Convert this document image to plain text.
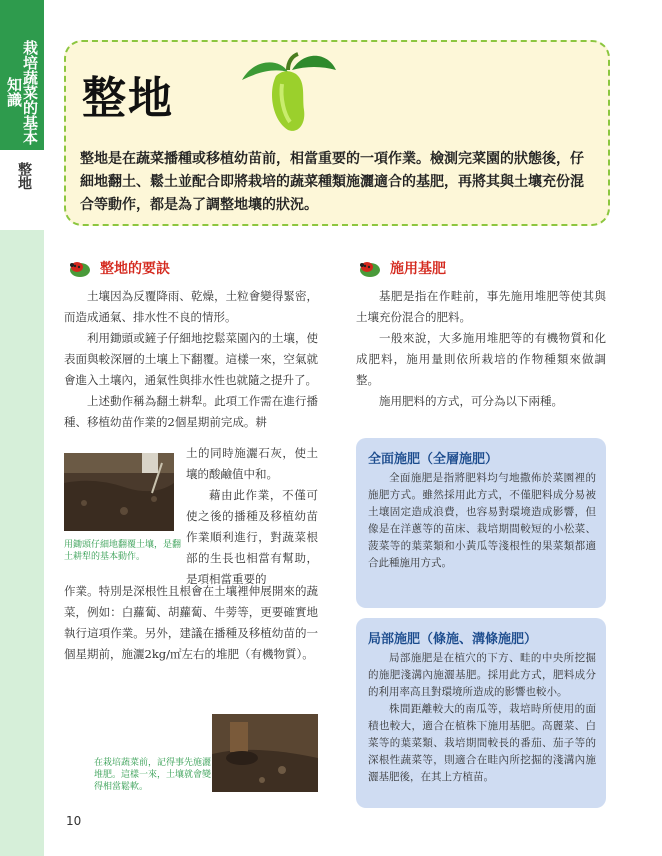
栽培蔬菜的基本知識
整地
整地
整地是在蔬菜播種或移植幼苗前，相當重要的一項作業。檢測完菜園的狀態後，仔細地翻土、鬆土並配合即將栽培的蔬菜種類施灑適合的基肥，再將其與土壤充份混合等動作，都是為了調整地壤的狀況。
整地的要訣

土壤因為反覆降雨、乾燥，土粒會變得緊密，而造成通氣、排水性不良的情形。

利用鋤頭或鏟子仔細地挖鬆菜園內的土壤，使表面與較深層的土壤上下翻覆。這樣一來，空氣就會進入土壤內，通氣性與排水性也就隨之提升了。

上述動作稱為翻土耕犁。此項工作需在進行播種、移植幼苗作業的2個星期前完成。耕

用鋤頭仔細地翻覆土壤，是翻土耕犁的基本動作。

土的同時施灑石灰，使土壤的酸鹼值中和。

藉由此作業，不僅可使之後的播種及移植幼苗作業順利進行，對蔬菜根部的生長也相當有幫助，是項相當重要的

作業。特別是深根性且根會在土壤裡伸展開來的蔬菜，例如：白蘿蔔、胡蘿蔔、牛蒡等，更要確實地執行這項作業。另外，建議在播種及移植幼苗的一個星期前，施灑2kg/㎡左右的堆肥（有機物質）。

在栽培蔬菜前，記得事先施灑堆肥。這樣一來，土壤就會變得相當鬆軟。
施用基肥

基肥是指在作畦前，事先施用堆肥等使其與土壤充份混合的肥料。

一般來說，大多施用堆肥等的有機物質和化成肥料，施用量則依所栽培的作物種類來做調整。

施用肥料的方式，可分為以下兩種。

全面施肥（全層施肥）

全面施肥是指將肥料均勻地撒佈於菜園裡的施肥方式。雖然採用此方式，不僅肥料成分易被土壤固定造成浪費，也容易對環境造成影響，但像是在洋蔥等的苗床、栽培期間較短的小松菜、菠菜等的葉菜類和小黃瓜等淺根性的果菜類都適合此種施用方式。

局部施肥（條施、溝條施肥）

局部施肥是在植穴的下方、畦的中央所挖掘的施肥淺溝內施灑基肥。採用此方式，肥料成分的利用率高且對環境所造成的影響也較小。

株間距離較大的南瓜等，栽培時所使用的面積也較大，適合在植株下施用基肥。高麗菜、白菜等的葉菜類、栽培期間較長的番茄、茄子等的深根性蔬菜等，則適合在畦內所挖掘的淺溝內施灑基肥後，在其上方植苗。

10
